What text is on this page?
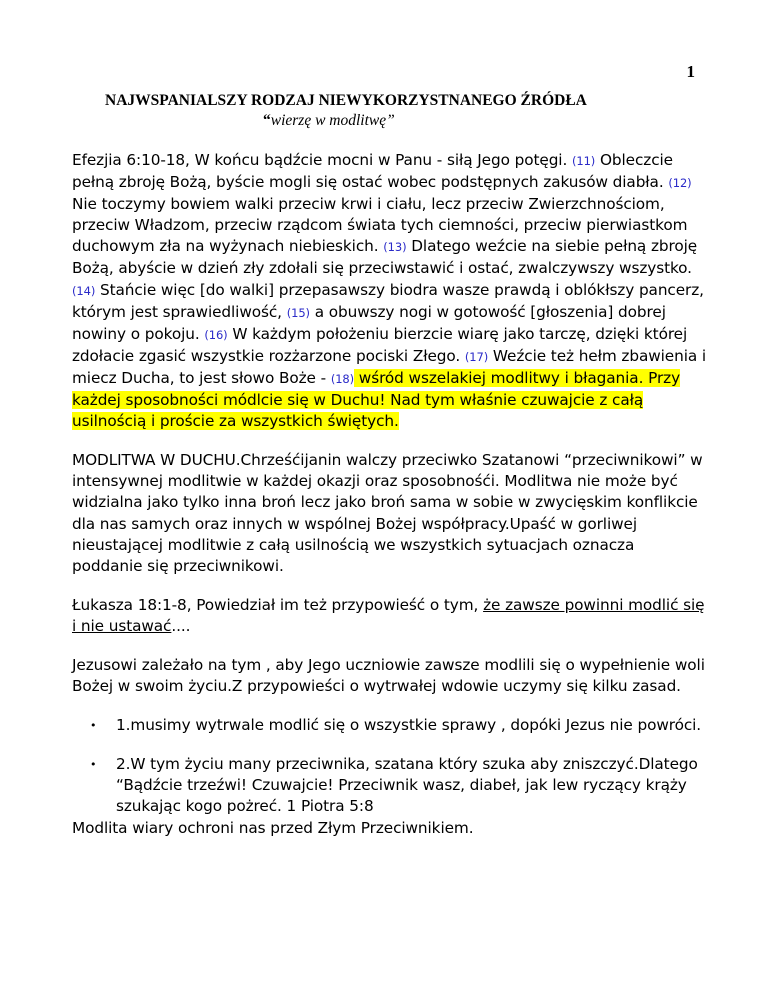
1
NAJWSPANIALSZY RODZAJ NIEWYKORZYSTNANEGO ŹRÓDŁA
“wierzę w modlitwę”

Efezjia 6:10-18, W końcu bądźcie mocni w Panu - siłą Jego potęgi. (11) Obleczcie pełną zbroję Bożą, byście mogli się ostać wobec podstępnych zakusów diabła. (12) Nie toczymy bowiem walki przeciw krwi i ciału, lecz przeciw Zwierzchnościom, przeciw Władzom, przeciw rządcom świata tych ciemności, przeciw pierwiastkom duchowym zła na wyżynach niebieskich. (13) Dlatego weźcie na siebie pełną zbroję Bożą, abyście w dzień zły zdołali się przeciwstawić i ostać, zwalczywszy wszystko. (14) Stańcie więc [do walki] przepasawszy biodra wasze prawdą i oblókłszy pancerz, którym jest sprawiedliwość, (15) a obuwszy nogi w gotowość [głoszenia] dobrej nowiny o pokoju. (16) W każdym położeniu bierzcie wiarę jako tarczę, dzięki której zdołacie zgasić wszystkie rozżarzone pociski Złego. (17) Weźcie też hełm zbawienia i miecz Ducha, to jest słowo Boże - (18) wśród wszelakiej modlitwy i błagania. Przy każdej sposobności módlcie się w Duchu! Nad tym właśnie czuwajcie z całą usilnością i proście za wszystkich świętych.

MODLITWA W DUCHU.Chrześćijanin walczy przeciwko Szatanowi “przeciwnikowi” w intensywnej modlitwie w każdej okazji oraz sposobnośći. Modlitwa nie może być widzialna jako tylko inna broń lecz jako broń sama w sobie w zwycięskim konflikcie dla nas samych oraz innych w wspólnej Bożej współpracy.Upaść w gorliwej nieustającej modlitwie z całą usilnością we wszystkich sytuacjach oznacza poddanie się przeciwnikowi.

Łukasza 18:1-8, Powiedział im też przypowieść o tym, że zawsze powinni modlić się i nie ustawać....

Jezusowi zależało na tym , aby Jego uczniowie zawsze modlili się o wypełnienie woli Bożej w swoim życiu.Z przypowieści o wytrwałej wdowie uczymy się kilku zasad.

• 1.musimy wytrwale modlić się o wszystkie sprawy , dopóki Jezus nie powróci.
• 2.W tym życiu many przeciwnika, szatana który szuka aby zniszczyć.Dlatego “Bądźcie trzeźwi! Czuwajcie! Przeciwnik wasz, diabeł, jak lew ryczący krąży szukając kogo pożreć. 1 Piotra 5:8

Modlita wiary ochroni nas przed Złym Przeciwnikiem.
